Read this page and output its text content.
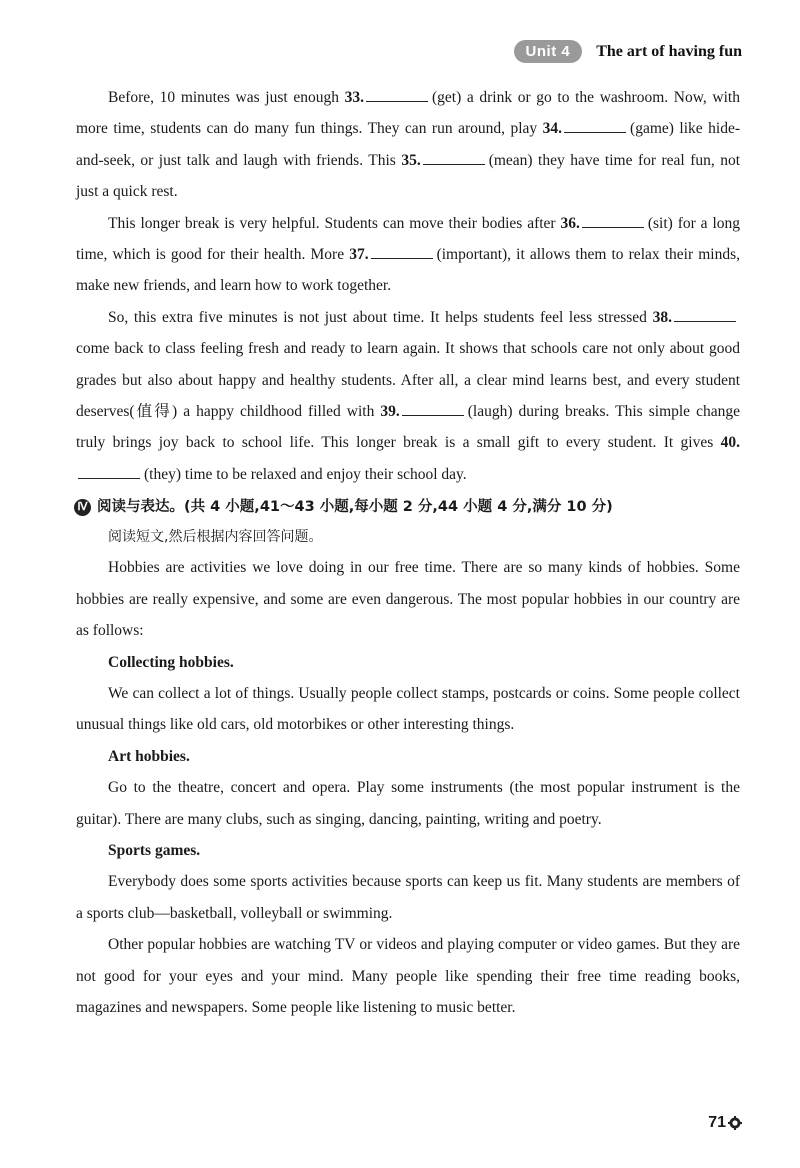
Unit 4	The art of having fun

Before, 10 minutes was just enough 33.	(get) a drink or go to the washroom. Now, with more time, students can do many fun things. They can run around, play 34.	(game) like hide-and-seek, or just talk and laugh with friends. This 35.	(mean) they have time for real fun, not just a quick rest.

This longer break is very helpful. Students can move their bodies after 36.	(sit) for a long time, which is good for their health. More 37.	(important), it allows them to relax their minds, make new friends, and learn how to work together.

So, this extra five minutes is not just about time. It helps students feel less stressed 38. come back to class feeling fresh and ready to learn again. It shows that schools care not only about good grades but also about happy and healthy students. After all, a clear mind learns best, and every student deserves(值得) a happy childhood filled with 39.	(laugh) during breaks. This simple change truly brings joy back to school life. This longer break is a small gift to every student. It gives 40.(they) time to be relaxed and enjoy their school day.

Ⅳ 阅读与表达。(共 4 小题,41～43 小题,每小题 2 分,44 小题 4 分,满分 10 分)

阅读短文,然后根据内容回答问题。

Hobbies are activities we love doing in our free time. There are so many kinds of hobbies. Some hobbies are really expensive, and some are even dangerous. The most popular hobbies in our country are as follows:

Collecting hobbies.

We can collect a lot of things. Usually people collect stamps, postcards or coins. Some people collect unusual things like old cars, old motorbikes or other interesting things.

Art hobbies.

Go to the theatre, concert and opera. Play some instruments (the most popular instrument is the guitar). There are many clubs, such as singing, dancing, painting, writing and poetry.

Sports games.

Everybody does some sports activities because sports can keep us fit. Many students are members of a sports club—basketball, volleyball or swimming.

Other popular hobbies are watching TV or videos and playing computer or video games. But they are not good for your eyes and your mind. Many people like spending their free time reading books, magazines and newspapers. Some people like listening to music better.

71
